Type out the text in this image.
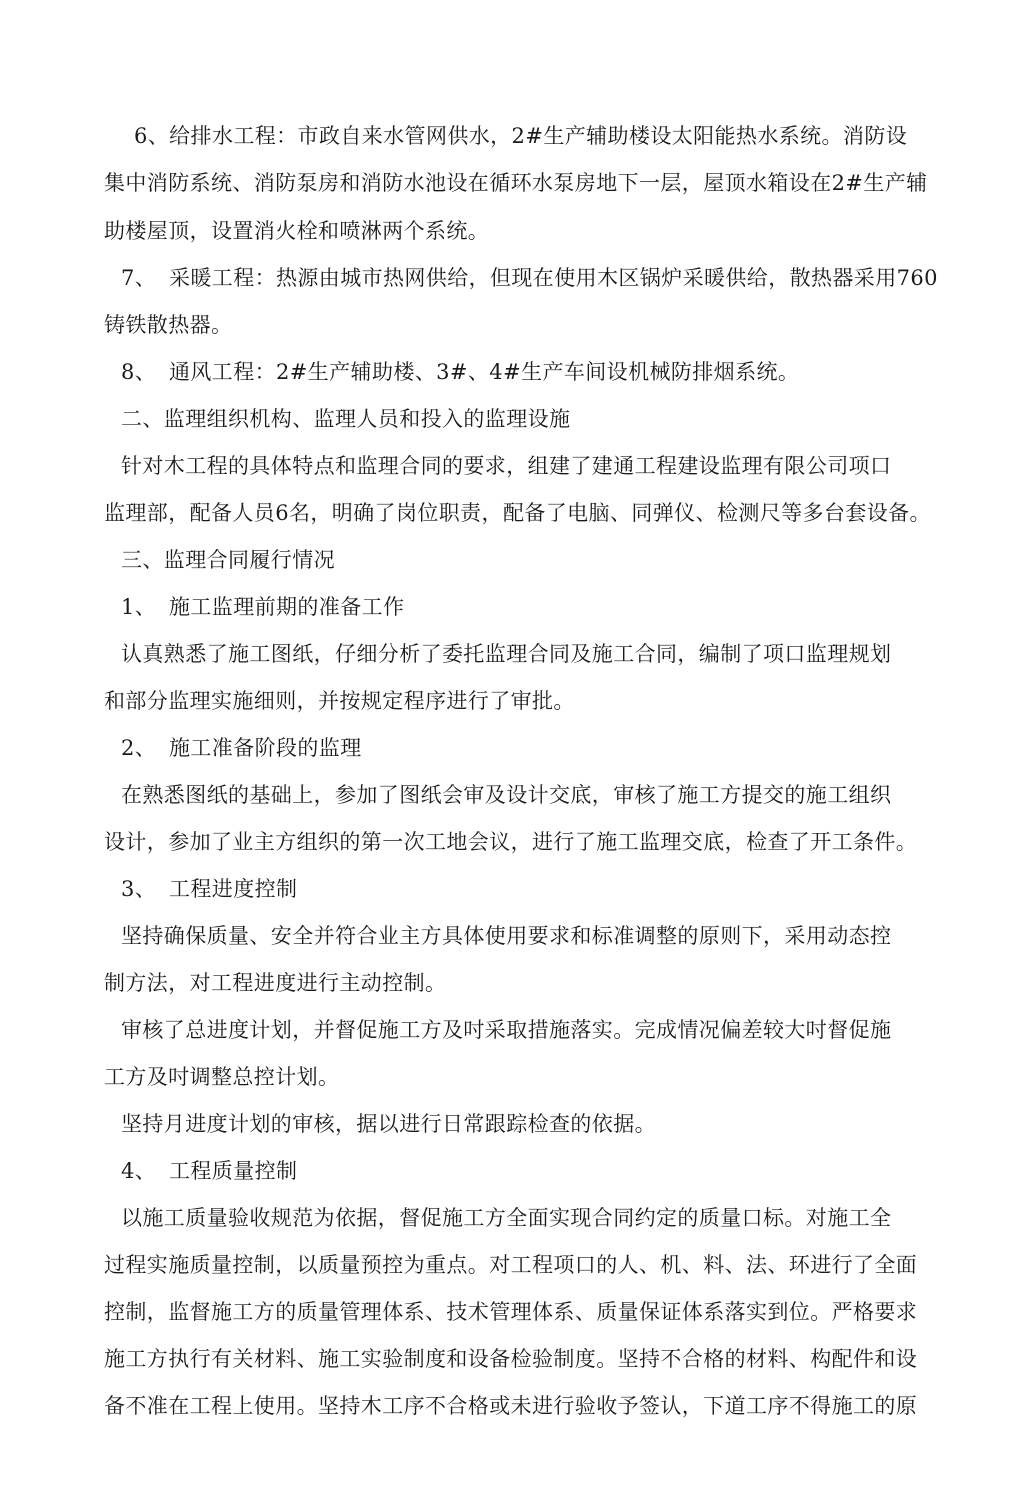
6、给排水工程：市政自来水管网供水，2#生产辅助楼设太阳能热水系统。消防设
集中消防系统、消防泵房和消防水池设在循环水泵房地下一层，屋顶水箱设在2#生产辅
助楼屋顶，设置消火栓和喷淋两个系统。
7、 采暖工程：热源由城市热网供给，但现在使用木区锅炉采暖供给，散热器采用760
铸铁散热器。
8、 通风工程：2#生产辅助楼、3#、4#生产车间设机械防排烟系统。
二、监理组织机构、监理人员和投入的监理设施
针对木工程的具体特点和监理合同的要求，组建了建通工程建设监理有限公司项口
监理部，配备人员6名，明确了岗位职责，配备了电脑、同弹仪、检测尺等多台套设备。
三、监理合同履行情况
1、 施工监理前期的准备工作
认真熟悉了施工图纸，仔细分析了委托监理合同及施工合同，编制了项口监理规划
和部分监理实施细则，并按规定程序进行了审批。
2、 施工准备阶段的监理
在熟悉图纸的基础上，参加了图纸会审及设计交底，审核了施工方提交的施工组织
设计，参加了业主方组织的第一次工地会议，进行了施工监理交底，检查了开工条件。
3、 工程进度控制
坚持确保质量、安全并符合业主方具体使用要求和标准调整的原则下，采用动态控
制方法，对工程进度进行主动控制。
审核了总进度计划，并督促施工方及吋采取措施落实。完成情况偏差较大吋督促施
工方及吋调整总控计划。
坚持月进度计划的审核，据以进行日常跟踪检查的依据。
4、 工程质量控制
以施工质量验收规范为依据，督促施工方全面实现合同约定的质量口标。对施工全
过程实施质量控制，以质量预控为重点。对工程项口的人、机、料、法、环进行了全面
控制，监督施工方的质量管理体系、技术管理体系、质量保证体系落实到位。严格要求
施工方执行有关材料、施工实验制度和设备检验制度。坚持不合格的材料、构配件和设
备不准在工程上使用。坚持木工序不合格或未进行验收予签认，下道工序不得施工的原
